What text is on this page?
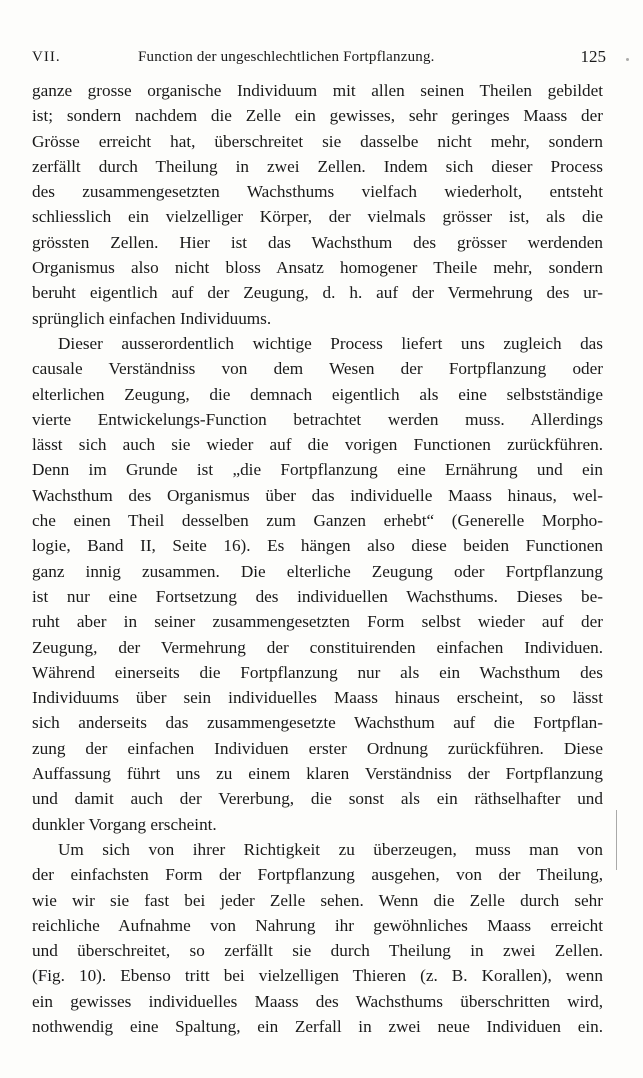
VII.	Function der ungeschlechtlichen Fortpflanzung.	125
ganze grosse organische Individuum mit allen seinen Theilen gebildet
ist; sondern nachdem die Zelle ein gewisses, sehr geringes Maass der
Grösse erreicht hat, überschreitet sie dasselbe nicht mehr, sondern
zerfällt durch Theilung in zwei Zellen. Indem sich dieser Process
des zusammengesetzten Wachsthums vielfach wiederholt, entsteht
schliesslich ein vielzelliger Körper, der vielmals grösser ist, als die
grössten Zellen. Hier ist das Wachsthum des grösser werdenden
Organismus also nicht bloss Ansatz homogener Theile mehr, sondern
beruht eigentlich auf der Zeugung, d. h. auf der Vermehrung des ur-
sprünglich einfachen Individuums.
Dieser ausserordentlich wichtige Process liefert uns zugleich das
causale Verständniss von dem Wesen der Fortpflanzung oder
elterlichen Zeugung, die demnach eigentlich als eine selbstständige
vierte Entwickelungs-Function betrachtet werden muss. Allerdings
lässt sich auch sie wieder auf die vorigen Functionen zurückführen.
Denn im Grunde ist „die Fortpflanzung eine Ernährung und ein
Wachsthum des Organismus über das individuelle Maass hinaus, wel-
che einen Theil desselben zum Ganzen erhebt“ (Generelle Morpho-
logie, Band II, Seite 16). Es hängen also diese beiden Functionen
ganz innig zusammen. Die elterliche Zeugung oder Fortpflanzung
ist nur eine Fortsetzung des individuellen Wachsthums. Dieses be-
ruht aber in seiner zusammengesetzten Form selbst wieder auf der
Zeugung, der Vermehrung der constituirenden einfachen Individuen.
Während einerseits die Fortpflanzung nur als ein Wachsthum des
Individuums über sein individuelles Maass hinaus erscheint, so lässt
sich anderseits das zusammengesetzte Wachsthum auf die Fortpflan-
zung der einfachen Individuen erster Ordnung zurückführen. Diese
Auffassung führt uns zu einem klaren Verständniss der Fortpflanzung
und damit auch der Vererbung, die sonst als ein räthselhafter und
dunkler Vorgang erscheint.
Um sich von ihrer Richtigkeit zu überzeugen, muss man von
der einfachsten Form der Fortpflanzung ausgehen, von der Theilung,
wie wir sie fast bei jeder Zelle sehen. Wenn die Zelle durch sehr
reichliche Aufnahme von Nahrung ihr gewöhnliches Maass erreicht
und überschreitet, so zerfällt sie durch Theilung in zwei Zellen.
(Fig. 10). Ebenso tritt bei vielzelligen Thieren (z. B. Korallen), wenn
ein gewisses individuelles Maass des Wachsthums überschritten wird,
nothwendig eine Spaltung, ein Zerfall in zwei neue Individuen ein.
